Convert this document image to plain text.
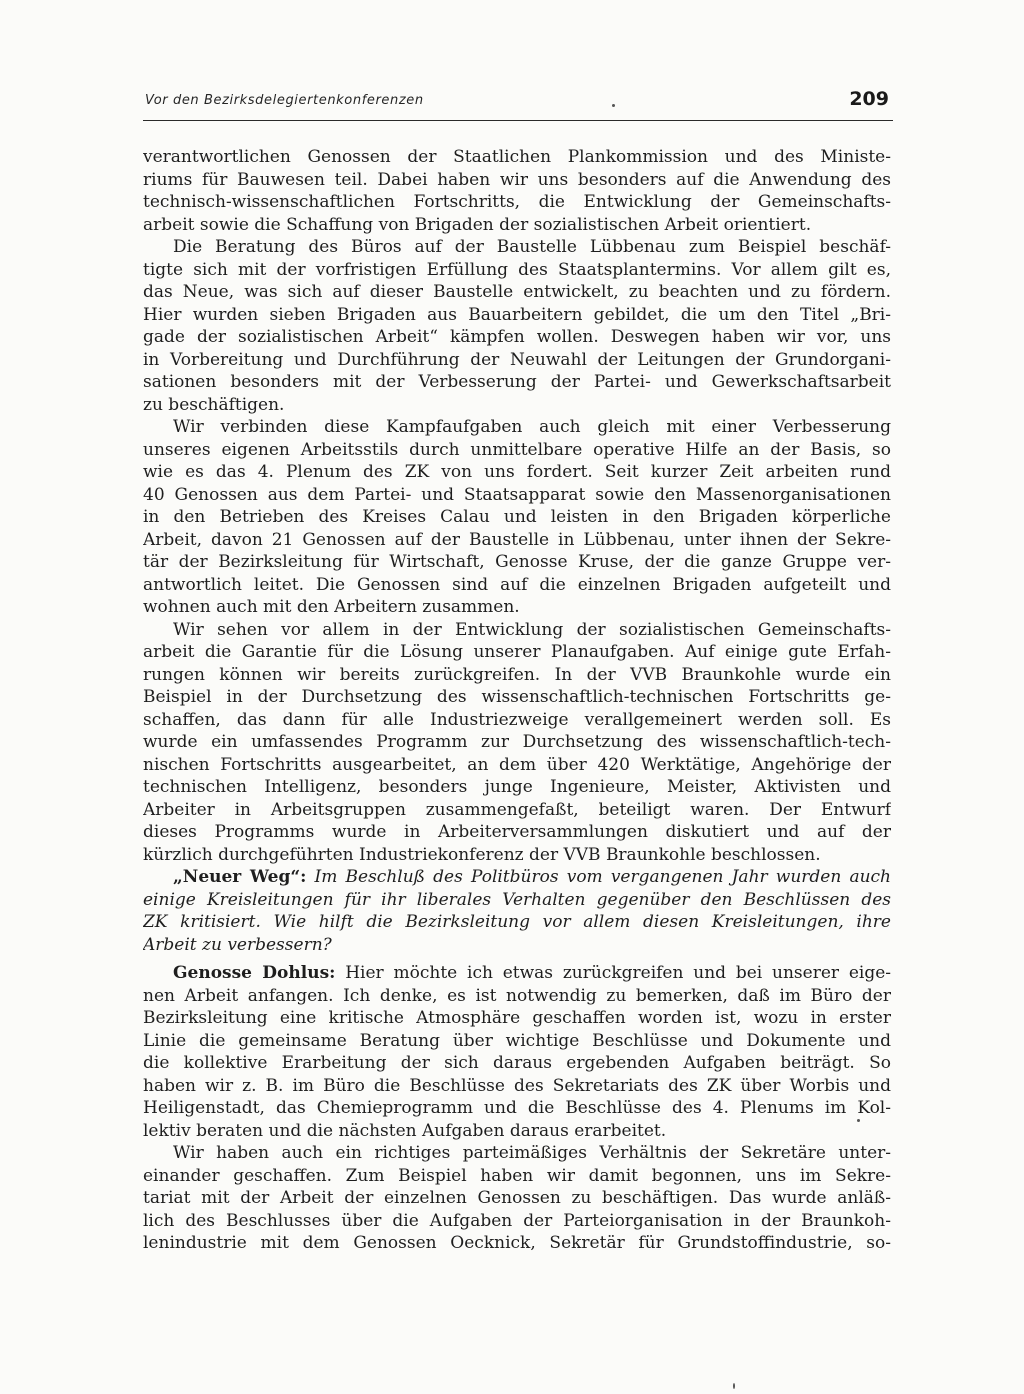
Vor den Bezirksdelegiertenkonferenzen	209
verantwortlichen Genossen der Staatlichen Plankommission und des Ministe-
riums für Bauwesen teil. Dabei haben wir uns besonders auf die Anwendung des
technisch-wissenschaftlichen Fortschritts, die Entwicklung der Gemeinschafts-
arbeit sowie die Schaffung von Brigaden der sozialistischen Arbeit orientiert.
Die Beratung des Büros auf der Baustelle Lübbenau zum Beispiel beschäf-
tigte sich mit der vorfristigen Erfüllung des Staatsplantermins. Vor allem gilt es,
das Neue, was sich auf dieser Baustelle entwickelt, zu beachten und zu fördern.
Hier wurden sieben Brigaden aus Bauarbeitern gebildet, die um den Titel „Bri-
gade der sozialistischen Arbeit“ kämpfen wollen. Deswegen haben wir vor, uns
in Vorbereitung und Durchführung der Neuwahl der Leitungen der Grundorgani-
sationen besonders mit der Verbesserung der Partei- und Gewerkschaftsarbeit
zu beschäftigen.
Wir verbinden diese Kampfaufgaben auch gleich mit einer Verbesserung
unseres eigenen Arbeitsstils durch unmittelbare operative Hilfe an der Basis, so
wie es das 4. Plenum des ZK von uns fordert. Seit kurzer Zeit arbeiten rund
40 Genossen aus dem Partei- und Staatsapparat sowie den Massenorganisationen
in den Betrieben des Kreises Calau und leisten in den Brigaden körperliche
Arbeit, davon 21 Genossen auf der Baustelle in Lübbenau, unter ihnen der Sekre-
tär der Bezirksleitung für Wirtschaft, Genosse Kruse, der die ganze Gruppe ver-
antwortlich leitet. Die Genossen sind auf die einzelnen Brigaden aufgeteilt und
wohnen auch mit den Arbeitern zusammen.
Wir sehen vor allem in der Entwicklung der sozialistischen Gemeinschafts-
arbeit die Garantie für die Lösung unserer Planaufgaben. Auf einige gute Erfah-
rungen können wir bereits zurückgreifen. In der VVB Braunkohle wurde ein
Beispiel in der Durchsetzung des wissenschaftlich-technischen Fortschritts ge-
schaffen, das dann für alle Industriezweige verallgemeinert werden soll. Es
wurde ein umfassendes Programm zur Durchsetzung des wissenschaftlich-tech-
nischen Fortschritts ausgearbeitet, an dem über 420 Werktätige, Angehörige der
technischen Intelligenz, besonders junge Ingenieure, Meister, Aktivisten und
Arbeiter in Arbeitsgruppen zusammengefaßt, beteiligt waren. Der Entwurf
dieses Programms wurde in Arbeiterversammlungen diskutiert und auf der
kürzlich durchgeführten Industriekonferenz der VVB Braunkohle beschlossen.
„Neuer Weg“: Im Beschluß des Politbüros vom vergangenen Jahr wurden auch
einige Kreisleitungen für ihr liberales Verhalten gegenüber den Beschlüssen des
ZK kritisiert. Wie hilft die Bezirksleitung vor allem diesen Kreisleitungen, ihre
Arbeit zu verbessern?
Genosse Dohlus: Hier möchte ich etwas zurückgreifen und bei unserer eige-
nen Arbeit anfangen. Ich denke, es ist notwendig zu bemerken, daß im Büro der
Bezirksleitung eine kritische Atmosphäre geschaffen worden ist, wozu in erster
Linie die gemeinsame Beratung über wichtige Beschlüsse und Dokumente und
die kollektive Erarbeitung der sich daraus ergebenden Aufgaben beiträgt. So
haben wir z. B. im Büro die Beschlüsse des Sekretariats des ZK über Worbis und
Heiligenstadt, das Chemieprogramm und die Beschlüsse des 4. Plenums im Kol-
lektiv beraten und die nächsten Aufgaben daraus erarbeitet.
Wir haben auch ein richtiges parteimäßiges Verhältnis der Sekretäre unter-
einander geschaffen. Zum Beispiel haben wir damit begonnen, uns im Sekre-
tariat mit der Arbeit der einzelnen Genossen zu beschäftigen. Das wurde anläß-
lich des Beschlusses über die Aufgaben der Parteiorganisation in der Braunkoh-
lenindustrie mit dem Genossen Oecknick, Sekretär für Grundstoffindustrie, so-
